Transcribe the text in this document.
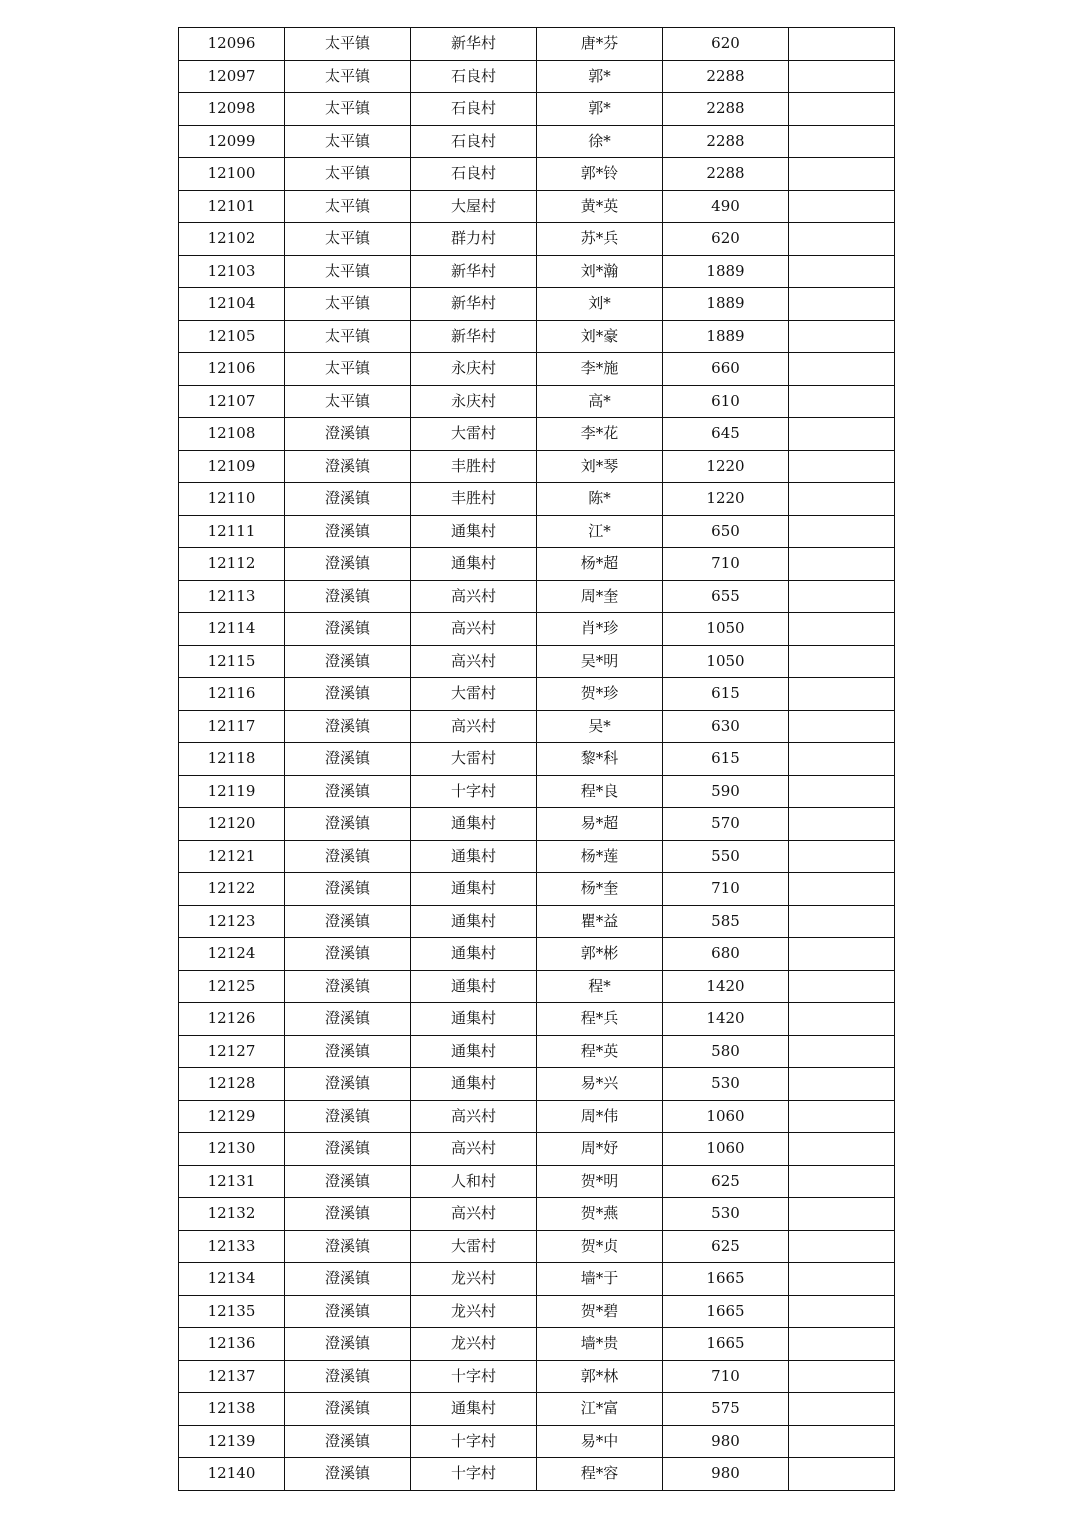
12096	太平镇	新华村	唐*芬	620	
12097	太平镇	石良村	郭*	2288	
12098	太平镇	石良村	郭*	2288	
12099	太平镇	石良村	徐*	2288	
12100	太平镇	石良村	郭*铃	2288	
12101	太平镇	大屋村	黄*英	490	
12102	太平镇	群力村	苏*兵	620	
12103	太平镇	新华村	刘*瀚	1889	
12104	太平镇	新华村	刘*	1889	
12105	太平镇	新华村	刘*豪	1889	
12106	太平镇	永庆村	李*施	660	
12107	太平镇	永庆村	高*	610	
12108	澄溪镇	大雷村	李*花	645	
12109	澄溪镇	丰胜村	刘*琴	1220	
12110	澄溪镇	丰胜村	陈*	1220	
12111	澄溪镇	通集村	江*	650	
12112	澄溪镇	通集村	杨*超	710	
12113	澄溪镇	高兴村	周*奎	655	
12114	澄溪镇	高兴村	肖*珍	1050	
12115	澄溪镇	高兴村	吴*明	1050	
12116	澄溪镇	大雷村	贺*珍	615	
12117	澄溪镇	高兴村	吴*	630	
12118	澄溪镇	大雷村	黎*科	615	
12119	澄溪镇	十字村	程*良	590	
12120	澄溪镇	通集村	易*超	570	
12121	澄溪镇	通集村	杨*莲	550	
12122	澄溪镇	通集村	杨*奎	710	
12123	澄溪镇	通集村	瞿*益	585	
12124	澄溪镇	通集村	郭*彬	680	
12125	澄溪镇	通集村	程*	1420	
12126	澄溪镇	通集村	程*兵	1420	
12127	澄溪镇	通集村	程*英	580	
12128	澄溪镇	通集村	易*兴	530	
12129	澄溪镇	高兴村	周*伟	1060	
12130	澄溪镇	高兴村	周*妤	1060	
12131	澄溪镇	人和村	贺*明	625	
12132	澄溪镇	高兴村	贺*燕	530	
12133	澄溪镇	大雷村	贺*贞	625	
12134	澄溪镇	龙兴村	墙*于	1665	
12135	澄溪镇	龙兴村	贺*碧	1665	
12136	澄溪镇	龙兴村	墙*贵	1665	
12137	澄溪镇	十字村	郭*林	710	
12138	澄溪镇	通集村	江*富	575	
12139	澄溪镇	十字村	易*中	980	
12140	澄溪镇	十字村	程*容	980	
